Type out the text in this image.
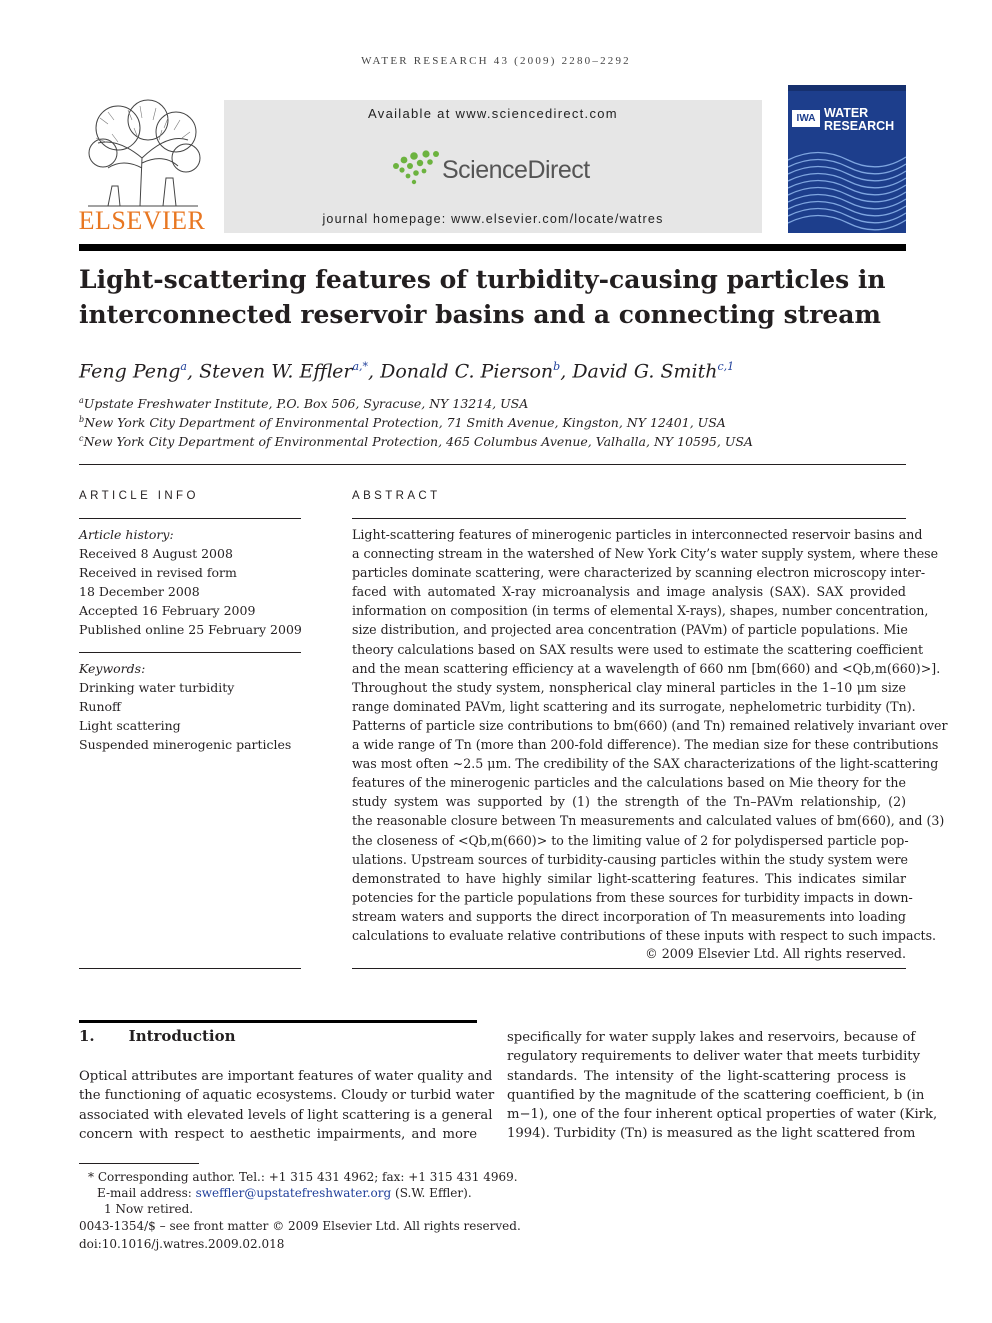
WATER RESEARCH 43 (2009) 2280–2292
ELSEVIER
Available at www.sciencedirect.com
ScienceDirect
journal homepage: www.elsevier.com/locate/watres
IWA WATER
RESEARCH
Light-scattering features of turbidity-causing particles in
interconnected reservoir basins and a connecting stream
Feng Peng$^a$, Steven W. Effler$^{a,*}$, Donald C. Pierson$^b$, David G. Smith$^{c,1}$
$^a$Upstate Freshwater Institute, P.O. Box 506, Syracuse, NY 13214, USA
$^b$New York City Department of Environmental Protection, 71 Smith Avenue, Kingston, NY 12401, USA
$^c$New York City Department of Environmental Protection, 465 Columbus Avenue, Valhalla, NY 10595, USA
ARTICLE INFO
Article history:
Received 8 August 2008
Received in revised form
18 December 2008
Accepted 16 February 2009
Published online 25 February 2009
Keywords:
Drinking water turbidity
Runoff
Light scattering
Suspended minerogenic particles
ABSTRACT
Light-scattering features of minerogenic particles in interconnected reservoir basins and
a connecting stream in the watershed of New York City’s water supply system, where these
particles dominate scattering, were characterized by scanning electron microscopy inter-
faced with automated X-ray microanalysis and image analysis (SAX). SAX provided
information on composition (in terms of elemental X-rays), shapes, number concentration,
size distribution, and projected area concentration (PAVm) of particle populations. Mie
theory calculations based on SAX results were used to estimate the scattering coefficient
and the mean scattering efficiency at a wavelength of 660 nm [bm(660) and <Qb,m(660)>].
Throughout the study system, nonspherical clay mineral particles in the 1–10 μm size
range dominated PAVm, light scattering and its surrogate, nephelometric turbidity (Tn).
Patterns of particle size contributions to bm(660) (and Tn) remained relatively invariant over
a wide range of Tn (more than 200-fold difference). The median size for these contributions
was most often ~2.5 μm. The credibility of the SAX characterizations of the light-scattering
features of the minerogenic particles and the calculations based on Mie theory for the
study system was supported by (1) the strength of the Tn–PAVm relationship, (2)
the reasonable closure between Tn measurements and calculated values of bm(660), and (3)
the closeness of <Qb,m(660)> to the limiting value of 2 for polydispersed particle pop-
ulations. Upstream sources of turbidity-causing particles within the study system were
demonstrated to have highly similar light-scattering features. This indicates similar
potencies for the particle populations from these sources for turbidity impacts in down-
stream waters and supports the direct incorporation of Tn measurements into loading
calculations to evaluate relative contributions of these inputs with respect to such impacts.
© 2009 Elsevier Ltd. All rights reserved.
1. Introduction
Optical attributes are important features of water quality and
the functioning of aquatic ecosystems. Cloudy or turbid water
associated with elevated levels of light scattering is a general
concern with respect to aesthetic impairments, and more
specifically for water supply lakes and reservoirs, because of
regulatory requirements to deliver water that meets turbidity
standards. The intensity of the light-scattering process is
quantified by the magnitude of the scattering coefficient, b (in
m−1), one of the four inherent optical properties of water (Kirk,
1994). Turbidity (Tn) is measured as the light scattered from
* Corresponding author. Tel.: +1 315 431 4962; fax: +1 315 431 4969.
E-mail address: sweffler@upstatefreshwater.org (S.W. Effler).
1 Now retired.
0043-1354/$ – see front matter © 2009 Elsevier Ltd. All rights reserved.
doi:10.1016/j.watres.2009.02.018
